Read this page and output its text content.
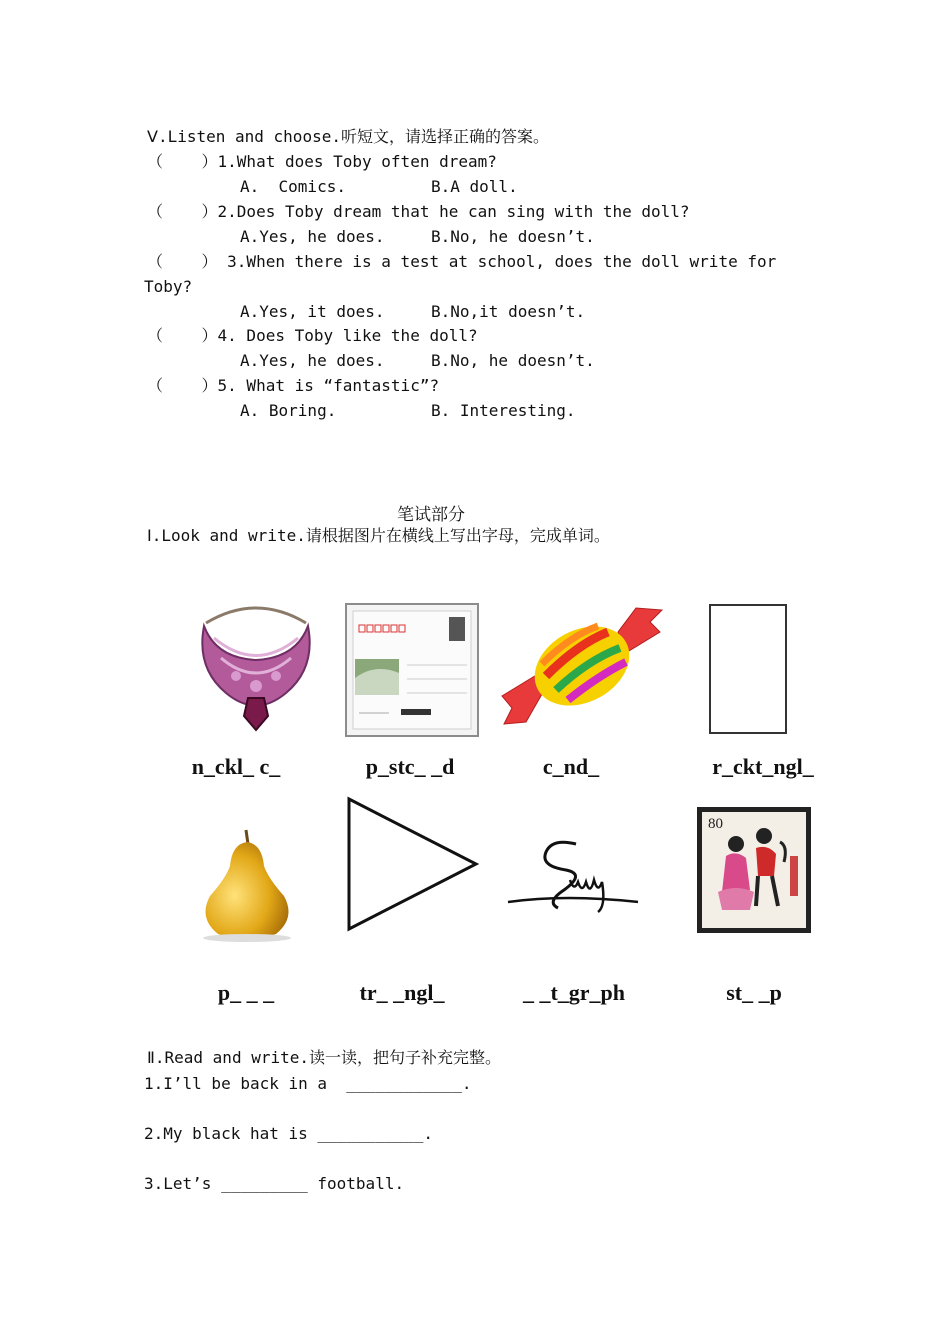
Ⅴ.Listen and choose.听短文，请选择正确的答案。
（    ）1.What does Toby often dream?
A.  Comics.	B.A doll.
（    ）2.Does Toby dream that he can sing with the doll?
A.Yes, he does.	B.No, he doesn’t.
（    ） 3.When there is a test at school, does the doll write for
Toby?
A.Yes, it does.	B.No,it doesn’t.
（    ）4. Does Toby like the doll?
A.Yes, he does.	B.No, he doesn’t.
（    ）5. What is “fantastic”?
A. Boring.	B. Interesting.
笔试部分
Ⅰ.Look and write.请根据图片在横线上写出字母，完成单词。
n_ckl_ c_	p_stc_ _d	c_nd_	r_ckt_ngl_
80
p_ _ _	tr_ _ngl_	_ _t_gr_ph	st_ _p
Ⅱ.Read and write.读一读，把句子补充完整。
1.I’ll be back in a  ____________.
2.My black hat is ___________.
3.Let’s _________ football.
